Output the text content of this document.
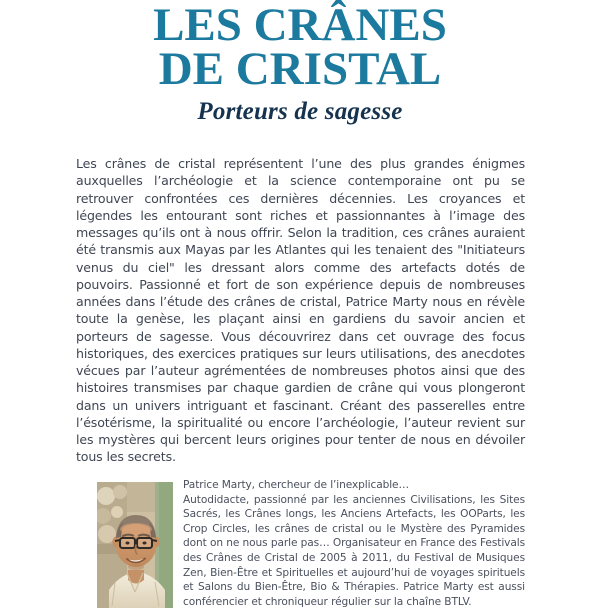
LES CRÂNES
DE CRISTAL
Porteurs de sagesse

Les crânes de cristal représentent l’une des plus grandes énigmes auxquelles l’archéologie et la science contemporaine ont pu se retrouver confrontées ces dernières décennies. Les croyances et légendes les entourant sont riches et passionnantes à l’image des messages qu’ils ont à nous offrir. Selon la tradition, ces crânes auraient été transmis aux Mayas par les Atlantes qui les tenaient des "Initiateurs venus du ciel" les dressant alors comme des artefacts dotés de pouvoirs. Passionné et fort de son expérience depuis de nombreuses années dans l’étude des crânes de cristal, Patrice Marty nous en révèle toute la genèse, les plaçant ainsi en gardiens du savoir ancien et porteurs de sagesse. Vous découvrirez dans cet ouvrage des focus historiques, des exercices pratiques sur leurs utilisations, des anecdotes vécues par l’auteur agrémentées de nombreuses photos ainsi que des histoires transmises par chaque gardien de crâne qui vous plongeront dans un univers intriguant et fascinant. Créant des passerelles entre l’ésotérisme, la spiritualité ou encore l’archéologie, l’auteur revient sur les mystères qui bercent leurs origines pour tenter de nous en dévoiler tous les secrets.

Patrice Marty, chercheur de l’inexplicable…

Autodidacte, passionné par les anciennes Civilisations, les Sites Sacrés, les Crânes longs, les Anciens Artefacts, les OOParts, les Crop Circles, les crânes de cristal ou le Mystère des Pyramides dont on ne nous parle pas… Organisateur en France des Festivals des Crânes de Cristal de 2005 à 2011, du Festival de Musiques Zen, Bien-Être et Spirituelles et aujourd’hui de voyages spirituels et Salons du Bien-Être, Bio & Thérapies. Patrice Marty est aussi conférencier et chroniqueur régulier sur la chaîne BTLV.
